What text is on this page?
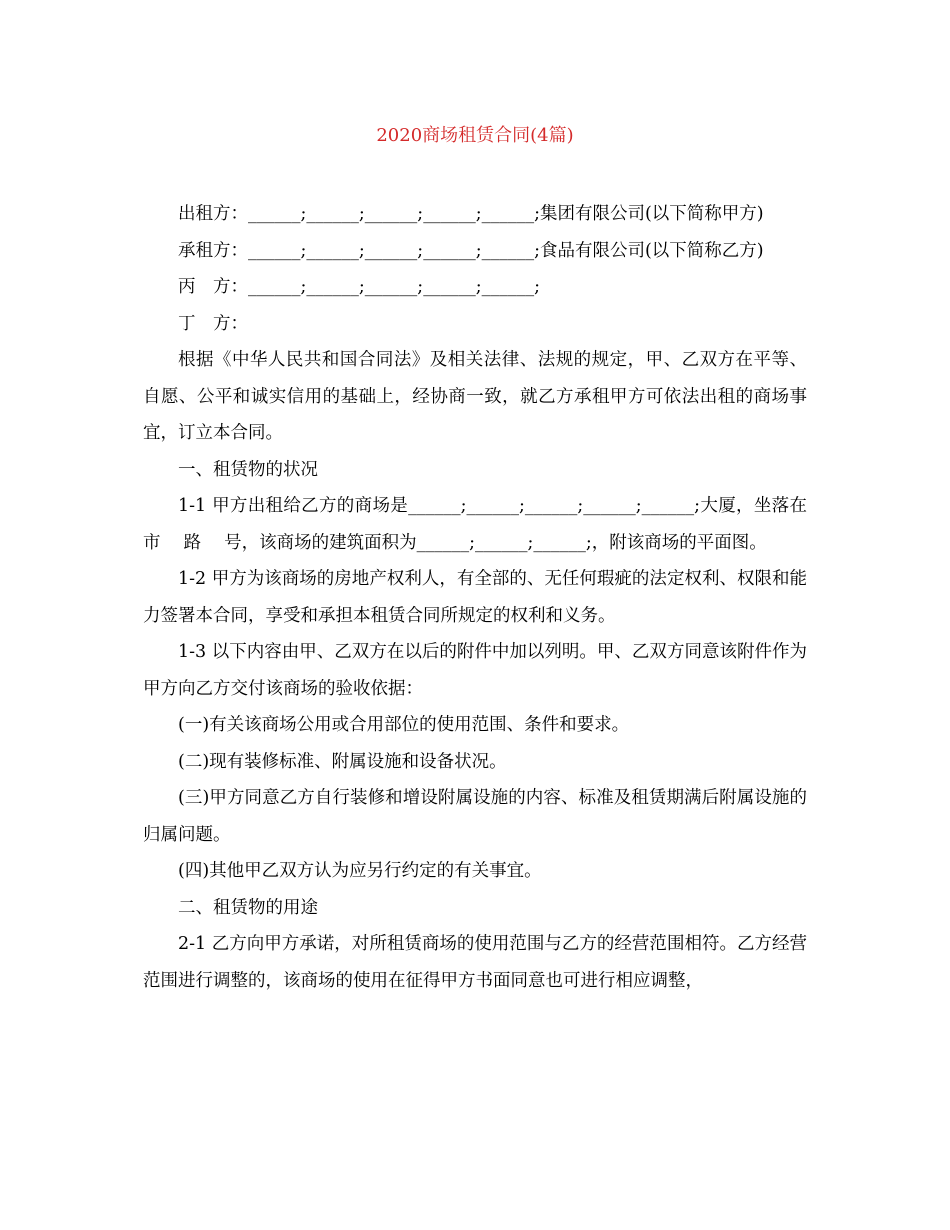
2020商场租赁合同(4篇)

出租方：______;______;______;______;______;集团有限公司(以下简称甲方)

承租方：______;______;______;______;______;食品有限公司(以下简称乙方)

丙　方：______;______;______;______;______;

丁　方：

根据《中华人民共和国合同法》及相关法律、法规的规定，甲、乙双方在平等、自愿、公平和诚实信用的基础上，经协商一致，就乙方承租甲方可依法出租的商场事宜，订立本合同。

一、租赁物的状况

1-1 甲方出租给乙方的商场是______;______;______;______;______;大厦，坐落在　 市　 路　 号，该商场的建筑面积为______;______;______;，附该商场的平面图。

1-2 甲方为该商场的房地产权利人，有全部的、无任何瑕疵的法定权利、权限和能力签署本合同，享受和承担本租赁合同所规定的权利和义务。

1-3 以下内容由甲、乙双方在以后的附件中加以列明。甲、乙双方同意该附件作为甲方向乙方交付该商场的验收依据：

(一)有关该商场公用或合用部位的使用范围、条件和要求。

(二)现有装修标准、附属设施和设备状况。

(三)甲方同意乙方自行装修和增设附属设施的内容、标准及租赁期满后附属设施的归属问题。

(四)其他甲乙双方认为应另行约定的有关事宜。

二、租赁物的用途

2-1 乙方向甲方承诺，对所租赁商场的使用范围与乙方的经营范围相符。乙方经营范围进行调整的，该商场的使用在征得甲方书面同意也可进行相应调整，
